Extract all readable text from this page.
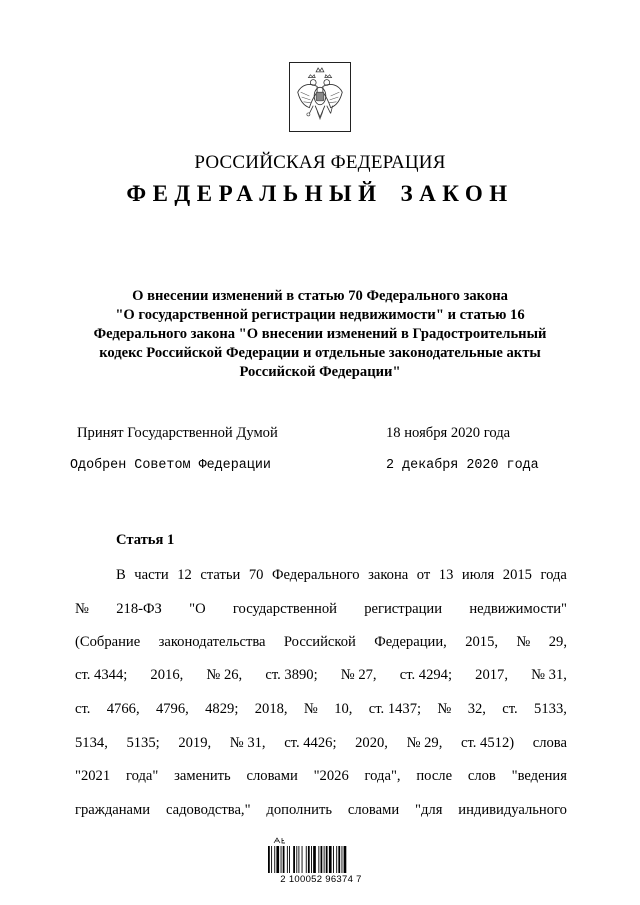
РОССИЙСКАЯ ФЕДЕРАЦИЯ
ФЕДЕРАЛЬНЫЙ ЗАКОН
О внесении изменений в статью 70 Федерального закона
"О государственной регистрации недвижимости" и статью 16
Федерального закона "О внесении изменений в Градостроительный
кодекс Российской Федерации и отдельные законодательные акты
Российской Федерации"
Принят Государственной Думой	18 ноября 2020 года
Одобрен Советом Федерации	2 декабря 2020 года
Статья 1
В части 12 статьи 70 Федерального закона от 13 июля 2015 года
№ 218-ФЗ "О государственной регистрации недвижимости"
(Собрание законодательства Российской Федерации, 2015, № 29,
ст. 4344; 2016, № 26, ст. 3890; № 27, ст. 4294; 2017, № 31,
ст. 4766, 4796, 4829; 2018, № 10, ст. 1437; № 32, ст. 5133,
5134, 5135; 2019, № 31, ст. 4426; 2020, № 29, ст. 4512) слова
"2021 года" заменить словами "2026 года", после слов "ведения
гражданами садоводства," дополнить словами "для индивидуального
2 100052 96374 7
